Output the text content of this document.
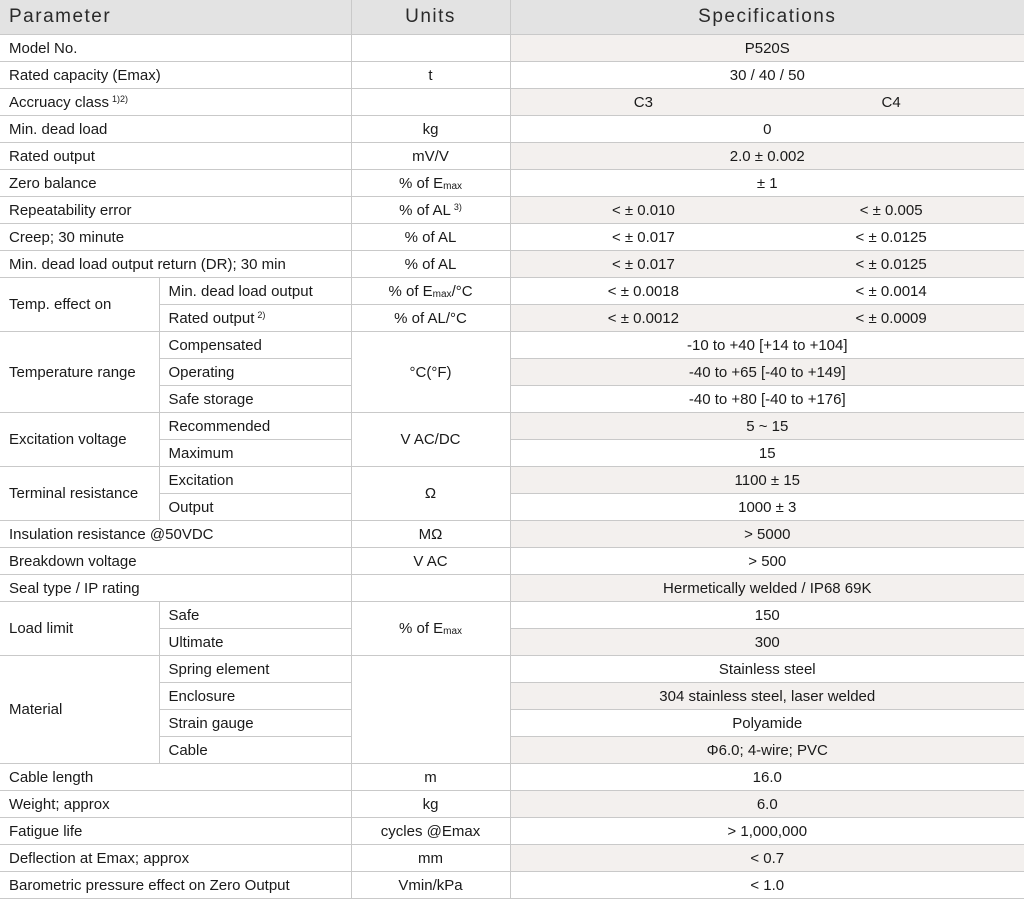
Parameter		Units	Specifications
Model No.			P520S
Rated capacity (Emax)		t	30 / 40 / 50
Accruacy class $^{1)2)}$			C3 C4

Min. dead load		kg	0
Rated output		mV/V	2.0 ± 0.002
Zero balance		% of $E_{max}$	± 1
Repeatability error		% of AL $^{3)}$	< ± 0.010 < ± 0.005

Creep; 30 minute		% of AL	< ± 0.017 < ± 0.0125

Min. dead load output return (DR); 30 min		% of AL	< ± 0.017 < ± 0.0125

Temp. effect on	Min. dead load output	% of $E_{max}/^\circ C$	< ± 0.0018 < ± 0.0014

	Rated output $^{2)}$	% of AL/°C	< ± 0.0012 < ± 0.0009

Temperature range	Compensated	°C(°F)	-10 to +40 [+14 to +104]
	Operating		-40 to +65 [-40 to +149]
	Safe storage		-40 to +80 [-40 to +176]
Excitation voltage	Recommended	V AC/DC	5 ~ 15
	Maximum		15
Terminal resistance	Excitation	Ω	1100 ± 15
	Output		1000 ± 3
Insulation resistance @50VDC		MΩ	> 5000
Breakdown voltage		V AC	> 500
Seal type / IP rating			Hermetically welded / IP68 69K
Load limit	Safe	% of $E_{max}$	150
	Ultimate		300
Material	Spring element		Stainless steel
	Enclosure		304 stainless steel, laser welded
	Strain gauge		Polyamide
	Cable		Φ6.0; 4-wire; PVC
Cable length		m	16.0
Weight; approx		kg	6.0
Fatigue life		cycles @Emax	> 1,000,000
Deflection at Emax; approx		mm	< 0.7
Barometric pressure effect on Zero Output		Vmin/kPa	< 1.0
